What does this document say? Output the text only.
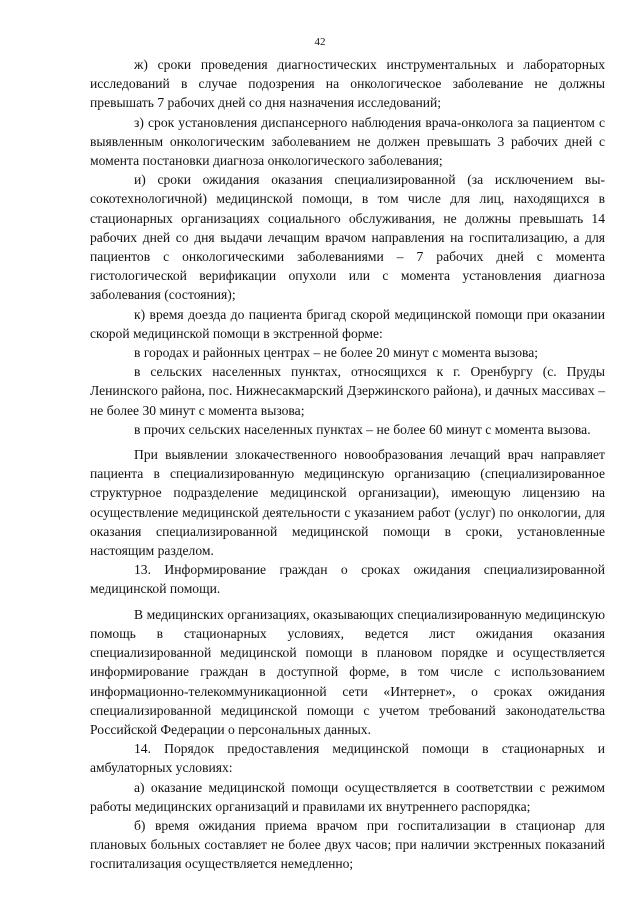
42

ж) сроки проведения диагностических инструментальных и лабораторных исследований в случае подозрения на онкологическое заболевание не должны превышать 7 рабочих дней со дня назначения исследований;

з) срок установления диспансерного наблюдения врача-онколога за пациентом с выявленным онкологическим заболеванием не должен превышать 3 рабочих дней с момента постановки диагноза онкологического заболевания;

и) сроки ожидания оказания специализированной (за исключением высокотехнологичной) медицинской помощи, в том числе для лиц, находящихся в стационарных организациях социального обслуживания, не должны превышать 14 рабочих дней со дня выдачи лечащим врачом направления на госпитализацию, а для пациентов с онкологическими заболеваниями – 7 рабочих дней с момента гистологической верификации опухоли или с момента установления диагноза заболевания (состояния);

к) время доезда до пациента бригад скорой медицинской помощи при оказании скорой медицинской помощи в экстренной форме:

в городах и районных центрах – не более 20 минут с момента вызова;

в сельских населенных пунктах, относящихся к г. Оренбургу (с. Пруды Ленинского района, пос. Нижнесакмарский Дзержинского района), и дачных массивах – не более 30 минут с момента вызова;

в прочих сельских населенных пунктах – не более 60 минут с момента вызова.

При выявлении злокачественного новообразования лечащий врач направляет пациента в специализированную медицинскую организацию (специализированное структурное подразделение медицинской организации), имеющую лицензию на осуществление медицинской деятельности с указанием работ (услуг) по онкологии, для оказания специализированной медицинской помощи в сроки, установленные настоящим разделом.

13. Информирование граждан о сроках ожидания специализированной медицинской помощи.

В медицинских организациях, оказывающих специализированную медицинскую помощь в стационарных условиях, ведется лист ожидания оказания специализированной медицинской помощи в плановом порядке и осуществляется информирование граждан в доступной форме, в том числе с использованием информационно-телекоммуникационной сети «Интернет», о сроках ожидания специализированной медицинской помощи с учетом требований законодательства Российской Федерации о персональных данных.

14. Порядок предоставления медицинской помощи в стационарных и амбулаторных условиях:

а) оказание медицинской помощи осуществляется в соответствии с режимом работы медицинских организаций и правилами их внутреннего распорядка;

б) время ожидания приема врачом при госпитализации в стационар для плановых больных составляет не более двух часов; при наличии экстренных показаний госпитализация осуществляется немедленно;
